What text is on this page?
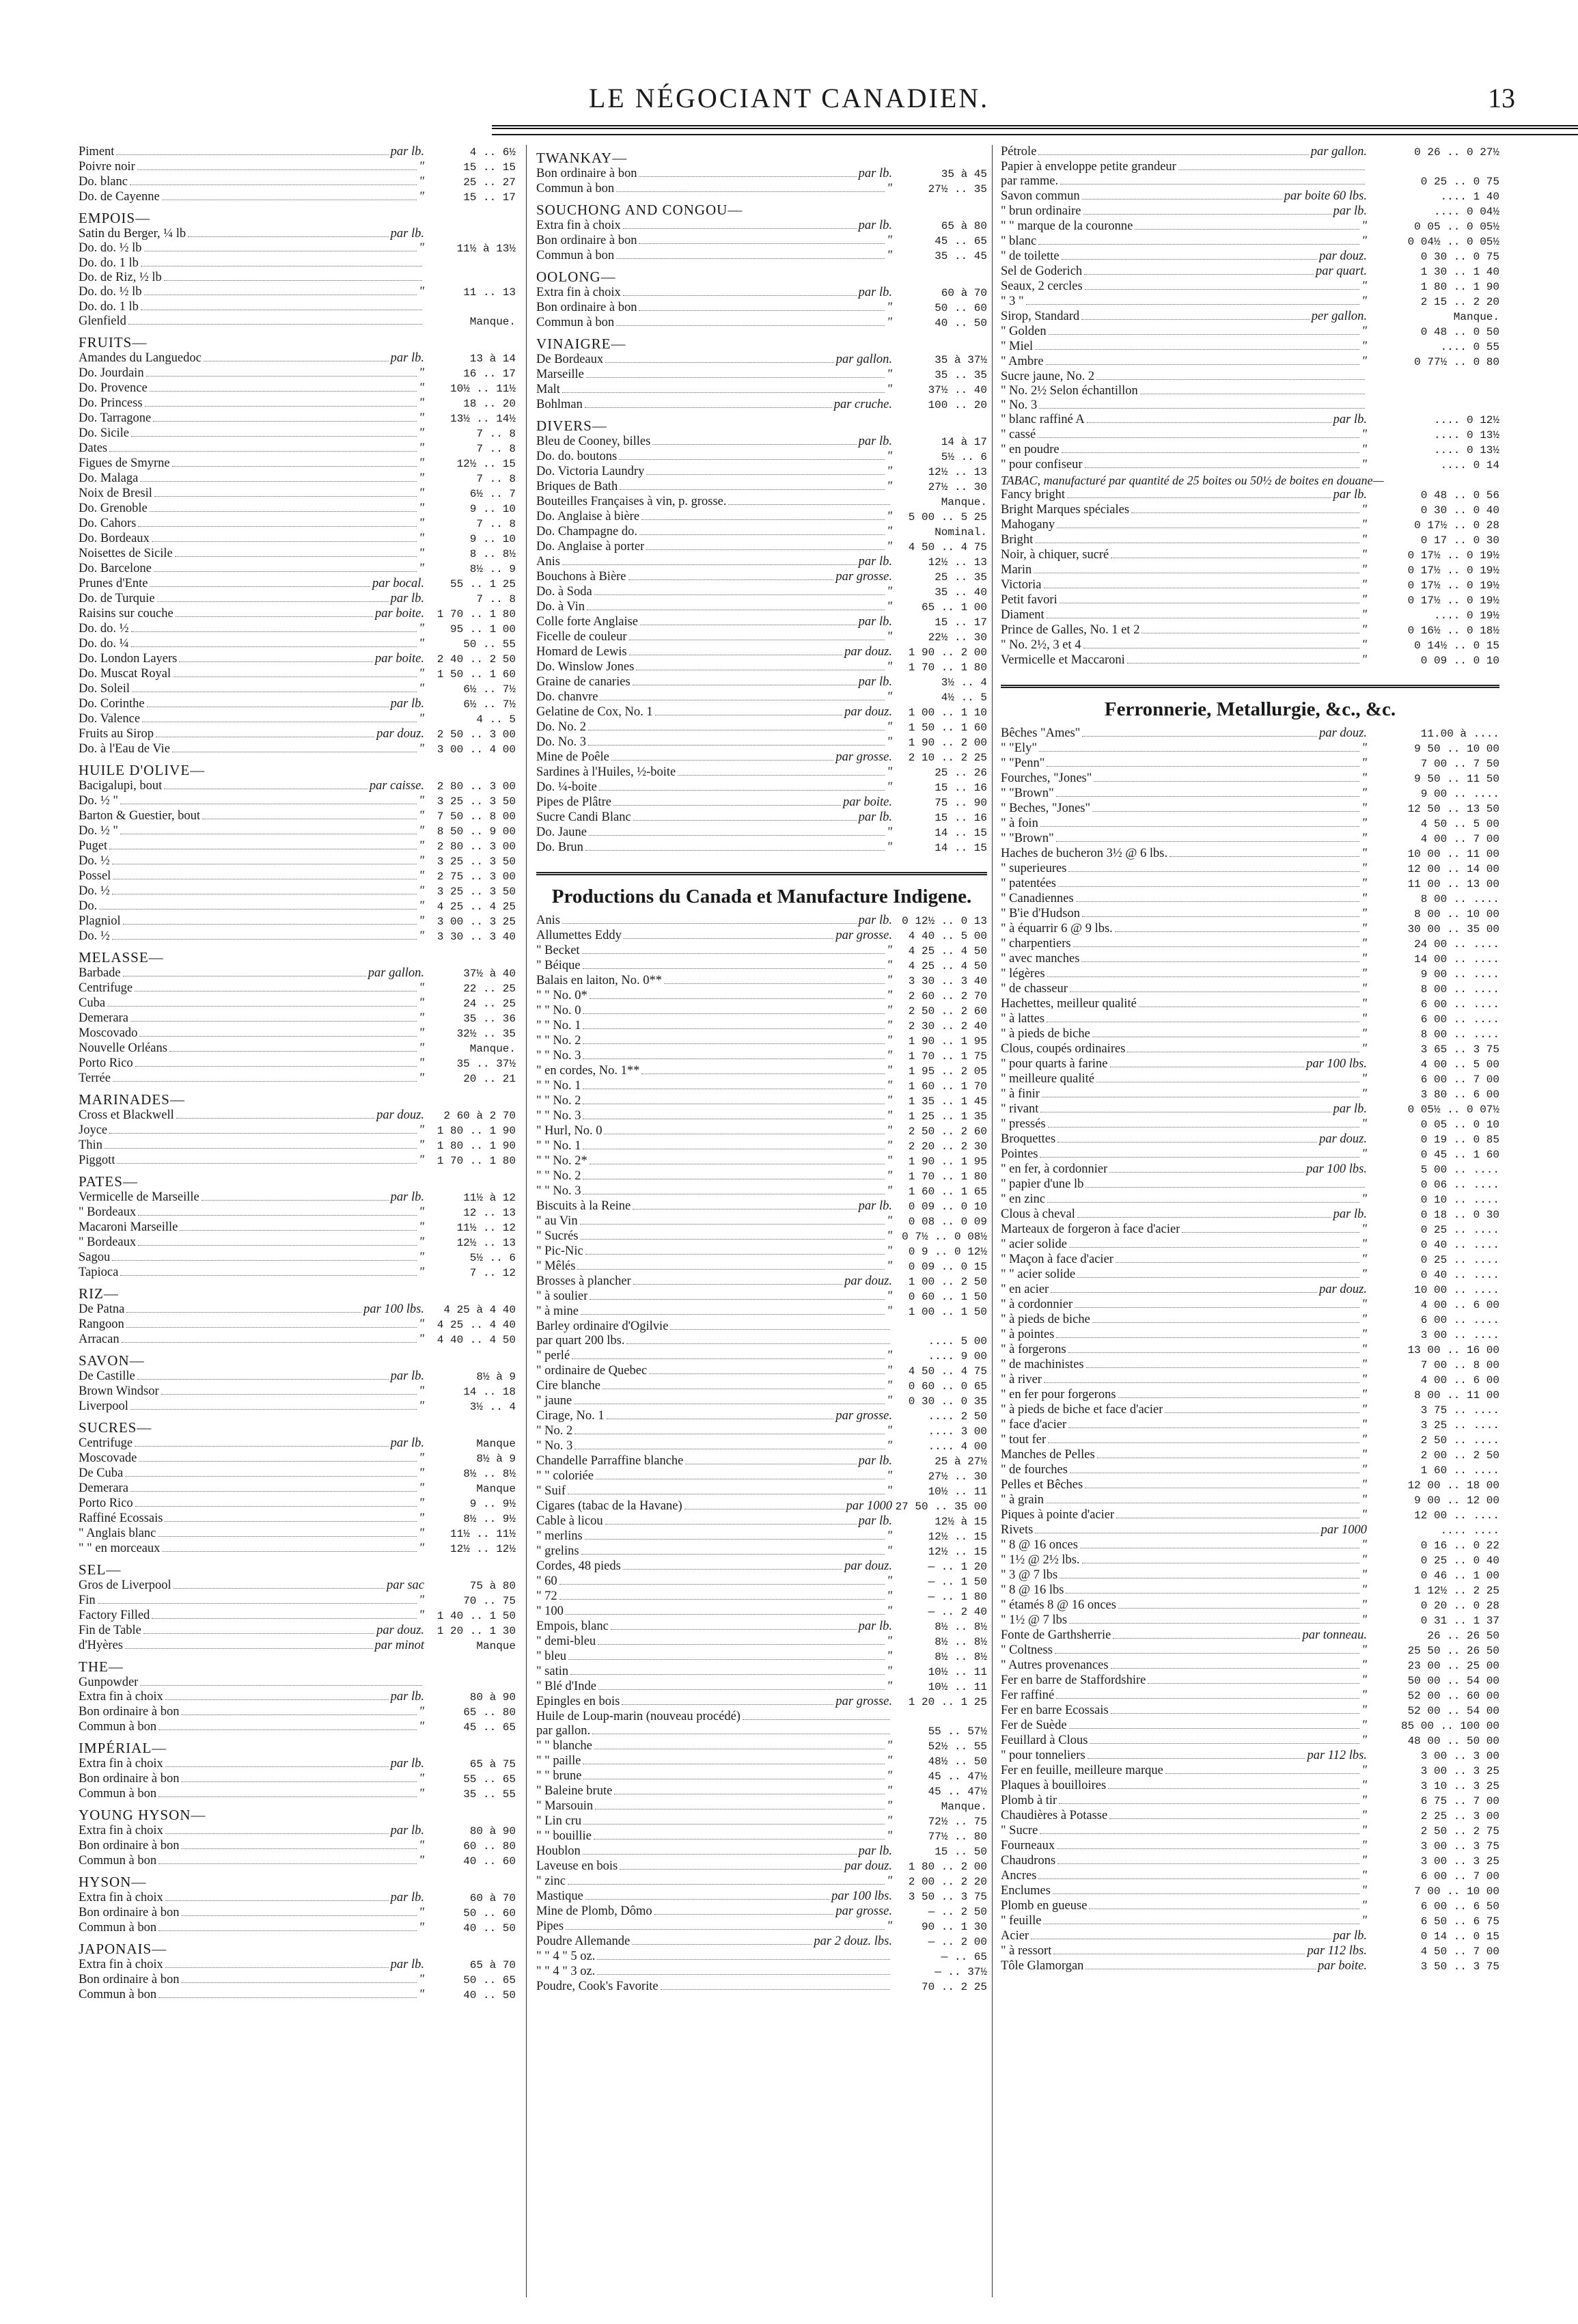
LE NÉGOCIANT CANADIEN.	13
Piment	par lb.	4 .. 6½
Poivre noir	"	15 .. 15
Do. blanc	"	25 .. 27
Do. de Cayenne	"	15 .. 17
EMPOIS—
Satin du Berger, ¼ lb	par lb.
Do. do. ½ lb	"	11½ à 13½
Do. do. 1 lb
Do. de Riz, ½ lb
Do. do. ½ lb	"	11 .. 13
Do. do. 1 lb
Glenfield	Manque.
FRUITS—
Amandes du Languedoc	par lb.	13 à 14
Do. Jourdain	"	16 .. 17
Do. Provence	"	10½ .. 11½
Do. Princess	"	18 .. 20
Do. Tarragone	"	13½ .. 14½
Do. Sicile	"	7 .. 8
Dates	"	7 .. 8
Figues de Smyrne	"	12½ .. 15
Do. Malaga	"	7 .. 8
Noix de Bresil	"	6½ .. 7
Do. Grenoble	"	9 .. 10
Do. Cahors	"	7 .. 8
Do. Bordeaux	"	9 .. 10
Noisettes de Sicile	"	8 .. 8½
Do. Barcelone	"	8½ .. 9
Prunes d'Ente	par bocal.	55 .. 1 25
Do. de Turquie	par lb.	7 .. 8
Raisins sur couche	par boite.	1 70 .. 1 80
Do. do. ½	"	95 .. 1 00
Do. do. ¼	"	50 .. 55
Do. London Layers	par boite.	2 40 .. 2 50
Do. Muscat Royal	"	1 50 .. 1 60
Do. Soleil	"	6½ .. 7½
Do. Corinthe	par lb.	6½ .. 7½
Do. Valence	"	4 .. 5
Fruits au Sirop	par douz.	2 50 .. 3 00
Do. à l'Eau de Vie	"	3 00 .. 4 00
HUILE D'OLIVE—
Bacigalupi, bout	par caisse.	2 80 .. 3 00
Do. ½ "	"	3 25 .. 3 50
Barton & Guestier, bout	"	7 50 .. 8 00
Do. ½ "	"	8 50 .. 9 00
Puget	"	2 80 .. 3 00
Do. ½	"	3 25 .. 3 50
Possel	"	2 75 .. 3 00
Do. ½	"	3 25 .. 3 50
Do.	"	4 25 .. 4 25
Plagniol	"	3 00 .. 3 25
Do. ½	"	3 30 .. 3 40
MELASSE—
Barbade	par gallon.	37½ à 40
Centrifuge	"	22 .. 25
Cuba	"	24 .. 25
Demerara	"	35 .. 36
Moscovado	"	32½ .. 35
Nouvelle Orléans	"	Manque.
Porto Rico	"	35 .. 37½
Terrée	"	20 .. 21
MARINADES—
Cross et Blackwell	par douz.	2 60 à 2 70
Joyce	"	1 80 .. 1 90
Thin	"	1 80 .. 1 90
Piggott	"	1 70 .. 1 80
PATES—
Vermicelle de Marseille	par lb.	11½ à 12
" Bordeaux	"	12 .. 13
Macaroni Marseille	"	11½ .. 12
" Bordeaux	"	12½ .. 13
Sagou	"	5½ .. 6
Tapioca	"	7 .. 12
RIZ—
De Patna	par 100 lbs.	4 25 à 4 40
Rangoon	"	4 25 .. 4 40
Arracan	"	4 40 .. 4 50
SAVON—
De Castille	par lb.	8½ à 9
Brown Windsor	"	14 .. 18
Liverpool	"	3½ .. 4
SUCRES—
Centrifuge	par lb.	Manque
Moscovade	"	8½ à 9
De Cuba	"	8½ .. 8½
Demerara	"	Manque
Porto Rico	"	9 .. 9½
Raffiné Ecossais	"	8½ .. 9½
" Anglais blanc	"	11½ .. 11½
" " en morceaux	"	12½ .. 12½
SEL—
Gros de Liverpool	par sac	75 à 80
Fin	"	70 .. 75
Factory Filled	"	1 40 .. 1 50
Fin de Table	par douz.	1 20 .. 1 30
d'Hyères	par minot	Manque
THE—
Gunpowder
Extra fin à choix	par lb.	80 à 90
Bon ordinaire à bon	"	65 .. 80
Commun à bon	"	45 .. 65
IMPÉRIAL—
Extra fin à choix	par lb.	65 à 75
Bon ordinaire à bon	"	55 .. 65
Commun à bon	"	35 .. 55
YOUNG HYSON—
Extra fin à choix	par lb.	80 à 90
Bon ordinaire à bon	"	60 .. 80
Commun à bon	"	40 .. 60
HYSON—
Extra fin à choix	par lb.	60 à 70
Bon ordinaire à bon	"	50 .. 60
Commun à bon	"	40 .. 50
JAPONAIS—
Extra fin à choix	par lb.	65 à 70
Bon ordinaire à bon	"	50 .. 65
Commun à bon	"	40 .. 50
TWANKAY—
Bon ordinaire à bon	par lb.	35 à 45
Commun à bon	"	27½ .. 35
SOUCHONG AND CONGOU—
Extra fin à choix	par lb.	65 à 80
Bon ordinaire à bon	"	45 .. 65
Commun à bon	"	35 .. 45
OOLONG—
Extra fin à choix	par lb.	60 à 70
Bon ordinaire à bon	"	50 .. 60
Commun à bon	"	40 .. 50
VINAIGRE—
De Bordeaux	par gallon.	35 à 37½
Marseille	"	35 .. 35
Malt	"	37½ .. 40
Bohlman	par cruche.	100 .. 20
DIVERS—
Bleu de Cooney, billes	par lb.	14 à 17
Do. do. boutons	"	5½ .. 6
Do. Victoria Laundry	"	12½ .. 13
Briques de Bath	"	27½ .. 30
Bouteilles Françaises à vin, p. grosse.	Manque.
Do. Anglaise à bière	"	5 00 .. 5 25
Do. Champagne do.	"	Nominal.
Do. Anglaise à porter	"	4 50 .. 4 75
Anis	par lb.	12½ .. 13
Bouchons à Bière	par grosse.	25 .. 35
Do. à Soda	"	35 .. 40
Do. à Vin	"	65 .. 1 00
Colle forte Anglaise	par lb.	15 .. 17
Ficelle de couleur	"	22½ .. 30
Homard de Lewis	par douz.	1 90 .. 2 00
Do. Winslow Jones	"	1 70 .. 1 80
Graine de canaries	par lb.	3½ .. 4
Do. chanvre	"	4½ .. 5
Gelatine de Cox, No. 1	par douz.	1 00 .. 1 10
Do. No. 2	"	1 50 .. 1 60
Do. No. 3	"	1 90 .. 2 00
Mine de Poêle	par grosse.	2 10 .. 2 25
Sardines à l'Huiles, ½-boite	"	25 .. 26
Do. ¼-boite	"	15 .. 16
Pipes de Plâtre	par boite.	75 .. 90
Sucre Candi Blanc	par lb.	15 .. 16
Do. Jaune	"	14 .. 15
Do. Brun	"	14 .. 15
Productions du Canada et Manufacture Indigene.
Anis	par lb. 0 12½ .. 0 13
Allumettes Eddy	par grosse.	4 40 .. 5 00
" Becket	"	4 25 .. 4 50
" Béique	"	4 25 .. 4 50
Balais en laiton, No. 0**	"	3 30 .. 3 40
" " No. 0*	"	2 60 .. 2 70
" " No. 0	"	2 50 .. 2 60
" " No. 1	"	2 30 .. 2 40
" " No. 2	"	1 90 .. 1 95
" " No. 3	"	1 70 .. 1 75
" en cordes, No. 1**	"	1 95 .. 2 05
" " No. 1	"	1 60 .. 1 70
" " No. 2	"	1 35 .. 1 45
" " No. 3	"	1 25 .. 1 35
" Hurl, No. 0	"	2 50 .. 2 60
" " No. 1	"	2 20 .. 2 30
" " No. 2*	"	1 90 .. 1 95
" " No. 2	"	1 70 .. 1 80
" " No. 3	"	1 60 .. 1 65
Biscuits à la Reine	par lb.	0 09 .. 0 10
" au Vin	"	0 08 .. 0 09
" Sucrés	" 0 7½ .. 0 08½
" Pic-Nic	"	0 9 .. 0 12½
" Mêlés	"	0 09 .. 0 15
Brosses à plancher	par douz.	1 00 .. 2 50
" à soulier	"	0 60 .. 1 50
" à mine	"	1 00 .. 1 50
Barley ordinaire d'Ogilvie
par quart 200 lbs.	.... 5 00
" perlé	"	.... 9 00
" ordinaire de Quebec	"	4 50 .. 4 75
Cire blanche	"	0 60 .. 0 65
" jaune	"	0 30 .. 0 35
Cirage, No. 1	par grosse.	.... 2 50
" No. 2	"	.... 3 00
" No. 3	"	.... 4 00
Chandelle Parraffine blanche	par lb.	25 à 27½
" " coloriée	"	27½ .. 30
" Suif	"	10½ .. 11
Cigares (tabac de la Havane)	par 1000 27 50 .. 35 00
Cable à licou	par lb.	12½ à 15
" merlins	"	12½ .. 15
" grelins	"	12½ .. 15
Cordes, 48 pieds	par douz.	— .. 1 20
" 60	"	— .. 1 50
" 72	"	— .. 1 80
" 100	"	— .. 2 40
Empois, blanc	par lb.	8½ .. 8½
" demi-bleu	"	8½ .. 8½
" bleu	"	8½ .. 8½
" satin	"	10½ .. 11
" Blé d'Inde	"	10½ .. 11
Epingles en bois	par grosse.	1 20 .. 1 25
Huile de Loup-marin (nouveau procédé)
par gallon.	55 .. 57½
" " blanche	"	52½ .. 55
" " paille	"	48½ .. 50
" " brune	"	45 .. 47½
" Baleine brute	"	45 .. 47½
" Marsouin	"	Manque.
" Lin cru	"	72½ .. 75
" " bouillie	"	77½ .. 80
Houblon	par lb.	15 .. 50
Laveuse en bois	par douz.	1 80 .. 2 00
" zinc	"	2 00 .. 2 20
Mastique	par 100 lbs.	3 50 .. 3 75
Mine de Plomb, Dômo	par grosse.	— .. 2 50
Pipes	"	90 .. 1 30
Poudre Allemande	par 2 douz. lbs.	— .. 2 00
" " 4 " 5 oz.	— .. 65
" " 4 " 3 oz.	— .. 37½
Poudre, Cook's Favorite	70 .. 2 25
Pétrole	par gallon.	0 26 .. 0 27½
Papier à enveloppe petite grandeur
par ramme.	0 25 .. 0 75
Savon commun	par boite 60 lbs.	.... 1 40
" brun ordinaire	par lb.	.... 0 04½
" " marque de la couronne	"	0 05 .. 0 05½
" blanc	"	0 04½ .. 0 05½
" de toilette	par douz.	0 30 .. 0 75
Sel de Goderich	par quart.	1 30 .. 1 40
Seaux, 2 cercles	"	1 80 .. 1 90
" 3 "	"	2 15 .. 2 20
Sirop, Standard	per gallon.	Manque.
" Golden	"	0 48 .. 0 50
" Miel	"	.... 0 55
" Ambre	"	0 77½ .. 0 80
Sucre jaune, No. 2
" No. 2½ Selon échantillon
" No. 3
" blanc raffiné A	par lb.	.... 0 12½
" cassé	"	.... 0 13½
" en poudre	"	.... 0 13½
" pour confiseur	"	.... 0 14
TABAC, manufacturé par quantité de 25 boites ou 50½ de boites en douane—
Fancy bright	par lb.	0 48 .. 0 56
Bright Marques spéciales	"	0 30 .. 0 40
Mahogany	"	0 17½ .. 0 28
Bright	"	0 17 .. 0 30
Noir, à chiquer, sucré	"	0 17½ .. 0 19½
Marin	"	0 17½ .. 0 19½
Victoria	"	0 17½ .. 0 19½
Petit favori	"	0 17½ .. 0 19½
Diament	"	.... 0 19½
Prince de Galles, No. 1 et 2	"	0 16½ .. 0 18½
" No. 2½, 3 et 4	"	0 14½ .. 0 15
Vermicelle et Maccaroni	"	0 09 .. 0 10
Ferronnerie, Metallurgie, &c., &c.
Bêches "Ames"	par douz.	11.00 à ....
" "Ely"	"	9 50 .. 10 00
" "Penn"	"	7 00 .. 7 50
Fourches, "Jones"	"	9 50 .. 11 50
" "Brown"	"	9 00 .. ....
" Beches, "Jones"	"	12 50 .. 13 50
" à foin	"	4 50 .. 5 00
" "Brown"	"	4 00 .. 7 00
Haches de bucheron 3½ @ 6 lbs.	"	10 00 .. 11 00
" superieures	"	12 00 .. 14 00
" patentées	"	11 00 .. 13 00
" Canadiennes	"	8 00 .. ....
" B'ie d'Hudson	"	8 00 .. 10 00
" à équarrir 6 @ 9 lbs.	"	30 00 .. 35 00
" charpentiers	"	24 00 .. ....
" avec manches	"	14 00 .. ....
" légères	"	9 00 .. ....
" de chasseur	"	8 00 .. ....
Hachettes, meilleur qualité	"	6 00 .. ....
" à lattes	"	6 00 .. ....
" à pieds de biche	"	8 00 .. ....
Clous, coupés ordinaires	"	3 65 .. 3 75
" pour quarts à farine	par 100 lbs.	4 00 .. 5 00
" meilleure qualité	"	6 00 .. 7 00
" à finir	"	3 80 .. 6 00
" rivant	par lb.	0 05½ .. 0 07½
" pressés	"	0 05 .. 0 10
Broquettes	par douz.	0 19 .. 0 85
Pointes	"	0 45 .. 1 60
" en fer, à cordonnier	par 100 lbs.	5 00 .. ....
" papier d'une lb	0 06 .. ....
" en zinc	"	0 10 .. ....
Clous à cheval	par lb.	0 18 .. 0 30
Marteaux de forgeron à face d'acier	"	0 25 .. ....
" acier solide	"	0 40 .. ....
" Maçon à face d'acier	"	0 25 .. ....
" " acier solide	"	0 40 .. ....
" en acier	par douz.	10 00 .. ....
" à cordonnier	"	4 00 .. 6 00
" à pieds de biche	"	6 00 .. ....
" à pointes	"	3 00 .. ....
" à forgerons	"	13 00 .. 16 00
" de machinistes	"	7 00 .. 8 00
" à river	"	4 00 .. 6 00
" en fer pour forgerons	"	8 00 .. 11 00
" à pieds de biche et face d'acier	"	3 75 .. ....
" face d'acier	"	3 25 .. ....
" tout fer	"	2 50 .. ....
Manches de Pelles	"	2 00 .. 2 50
" de fourches	"	1 60 .. ....
Pelles et Bêches	"	12 00 .. 18 00
" à grain	"	9 00 .. 12 00
Piques à pointe d'acier	"	12 00 .. ....
Rivets	par 1000	.... ....
" 8 @ 16 onces	"	0 16 .. 0 22
" 1½ @ 2½ lbs.	"	0 25 .. 0 40
" 3 @ 7 lbs	"	0 46 .. 1 00
" 8 @ 16 lbs	"	1 12½ .. 2 25
" étamés 8 @ 16 onces	"	0 20 .. 0 28
" 1½ @ 7 lbs	"	0 31 .. 1 37
Fonte de Garthsherrie	par tonneau.	26 .. 26 50
" Coltness	"	25 50 .. 26 50
" Autres provenances	"	23 00 .. 25 00
Fer en barre de Staffordshire	"	50 00 .. 54 00
Fer raffiné	"	52 00 .. 60 00
Fer en barre Ecossais	"	52 00 .. 54 00
Fer de Suède	"	85 00 .. 100 00
Feuillard à Clous	"	48 00 .. 50 00
" pour tonneliers	par 112 lbs.	3 00 .. 3 00
Fer en feuille, meilleure marque	"	3 00 .. 3 25
Plaques à bouilloires	"	3 10 .. 3 25
Plomb à tir	"	6 75 .. 7 00
Chaudières à Potasse	"	2 25 .. 3 00
" Sucre	"	2 50 .. 2 75
Fourneaux	"	3 00 .. 3 75
Chaudrons	"	3 00 .. 3 25
Ancres	"	6 00 .. 7 00
Enclumes	"	7 00 .. 10 00
Plomb en gueuse	"	6 00 .. 6 50
" feuille	"	6 50 .. 6 75
Acier	par lb.	0 14 .. 0 15
" à ressort	par 112 lbs.	4 50 .. 7 00
Tôle Glamorgan	par boite.	3 50 .. 3 75
